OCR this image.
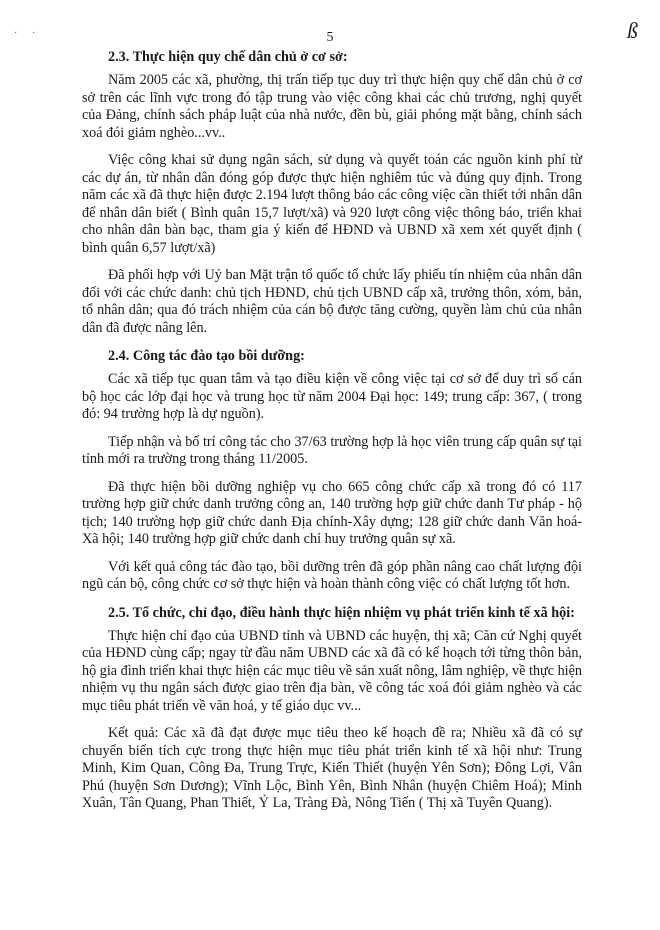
· ·	5	ß
2.3. Thực hiện quy chế dân chủ ở cơ sở:

Năm 2005 các xã, phường, thị trấn tiếp tục duy trì thực hiện quy chế dân chủ ở cơ sở trên các lĩnh vực trong đó tập trung vào việc công khai các chủ trương, nghị quyết của Đảng, chính sách pháp luật của nhà nước, đền bù, giải phóng mặt bằng, chính sách xoá đói giảm nghèo...vv..

Việc công khai sử dụng ngân sách, sử dụng và quyết toán các nguồn kinh phí từ các dự án, từ nhân dân đóng góp được thực hiện nghiêm túc và đúng quy định. Trong năm các xã đã thực hiện được 2.194 lượt thông báo các công việc cần thiết tới nhân dân để nhân dân biết ( Bình quân 15,7 lượt/xã) và 920 lượt công việc thông báo, triển khai cho nhân dân bàn bạc, tham gia ý kiến để HĐND và UBND xã xem xét quyết định ( bình quân 6,57 lượt/xã)

Đã phối hợp với Uỷ ban Mặt trận tổ quốc tổ chức lấy phiếu tín nhiệm của nhân dân đối với các chức danh: chủ tịch HĐND, chủ tịch UBND cấp xã, trưởng thôn, xóm, bản, tổ nhân dân; qua đó trách nhiệm của cán bộ được tăng cường, quyền làm chủ của nhân dân đã được nâng lên.

2.4. Công tác đào tạo bồi dưỡng:

Các xã tiếp tục quan tâm và tạo điều kiện về công việc tại cơ sở để duy trì số cán bộ học các lớp đại học và trung học từ năm 2004 Đại học: 149; trung cấp: 367, ( trong đó: 94 trường hợp là dự nguồn).

Tiếp nhận và bố trí công tác cho 37/63 trường hợp là học viên trung cấp quân sự tại tỉnh mới ra trường trong tháng 11/2005.

Đã thực hiện bồi dưỡng nghiệp vụ cho 665 công chức cấp xã trong đó có 117 trường hợp giữ chức danh trưởng công an, 140 trường hợp giữ chức danh Tư pháp - hộ tịch; 140 trường hợp giữ chức danh Địa chính-Xây dựng; 128 giữ chức danh Văn hoá-Xã hội; 140 trường hợp giữ chức danh chỉ huy trưởng quân sự xã.

Với kết quả công tác đào tạo, bồi dưỡng trên đã góp phần nâng cao chất lượng đội ngũ cán bộ, công chức cơ sở thực hiện và hoàn thành công việc có chất lượng tốt hơn.

2.5. Tổ chức, chỉ đạo, điều hành thực hiện nhiệm vụ phát triển kinh tế xã hội:

Thực hiện chỉ đạo của UBND tỉnh và UBND các huyện, thị xã; Căn cứ Nghị quyết của HĐND cùng cấp; ngay từ đầu năm UBND các xã đã có kế hoạch tới từng thôn bản, hộ gia đình triển khai thực hiện các mục tiêu về sản xuất nông, lâm nghiệp, về thực hiện nhiệm vụ thu ngân sách được giao trên địa bàn, về công tác xoá đói giảm nghèo và các mục tiêu phát triển về văn hoá, y tế giáo dục vv...

Kết quả: Các xã đã đạt được mục tiêu theo kế hoạch đề ra; Nhiều xã đã có sự chuyển biến tích cực trong thực hiện mục tiêu phát triển kinh tế xã hội như: Trung Minh, Kim Quan, Công Đa, Trung Trực, Kiến Thiết (huyện Yên Sơn); Đông Lợi, Vân Phú (huyện Sơn Dương); Vĩnh Lộc, Bình Yên, Bình Nhân (huyện Chiêm Hoá); Minh Xuân, Tân Quang, Phan Thiết, Ỷ La, Tràng Đà, Nông Tiến ( Thị xã Tuyên Quang).
